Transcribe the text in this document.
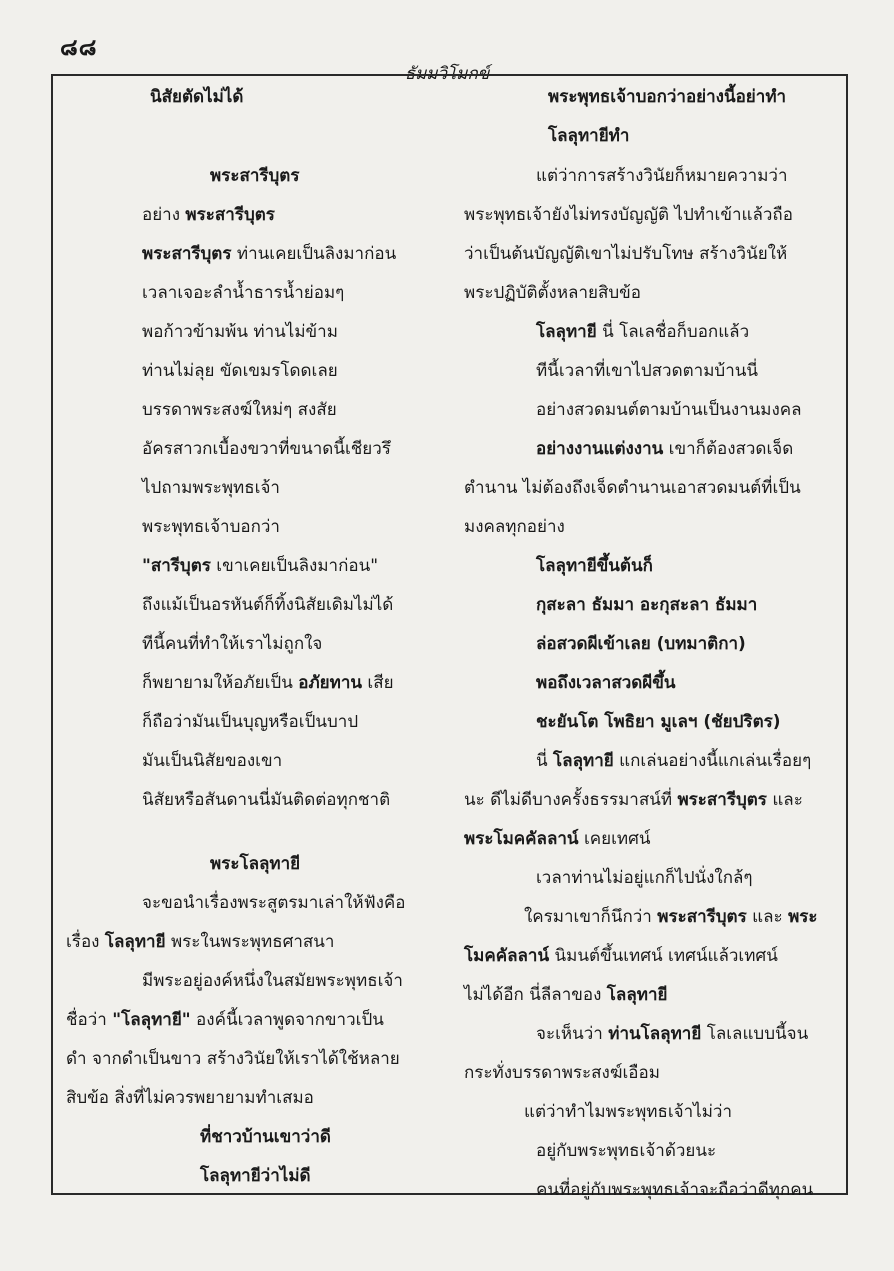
๘๘
ธัมมวิโมกข์
นิสัยตัดไม่ได้
พระสารีบุตร
อย่าง พระสารีบุตร
พระสารีบุตร ท่านเคยเป็นลิงมาก่อน
เวลาเจอะลำน้ำธารน้ำย่อมๆ
พอก้าวข้ามพ้น ท่านไม่ข้าม
ท่านไม่ลุย ขัดเขมรโดดเลย
บรรดาพระสงฆ์ใหม่ๆ สงสัย
อัครสาวกเบื้องขวาที่ขนาดนี้เชียวรึ
ไปถามพระพุทธเจ้า
พระพุทธเจ้าบอกว่า
"สารีบุตร เขาเคยเป็นลิงมาก่อน"
ถึงแม้เป็นอรหันต์ก็ทิ้งนิสัยเดิมไม่ได้
ทีนี้คนที่ทำให้เราไม่ถูกใจ
ก็พยายามให้อภัยเป็น อภัยทาน เสีย
ก็ถือว่ามันเป็นบุญหรือเป็นบาป
มันเป็นนิสัยของเขา
นิสัยหรือสันดานนี่มันติดต่อทุกชาติ
พระโลลุทายี
จะขอนำเรื่องพระสูตรมาเล่าให้ฟังคือ
เรื่อง โลลุทายี พระในพระพุทธศาสนา
มีพระอยู่องค์หนึ่งในสมัยพระพุทธเจ้า
ชื่อว่า "โลลุทายี" องค์นี้เวลาพูดจากขาวเป็น
ดำ จากดำเป็นขาว สร้างวินัยให้เราได้ใช้หลาย
สิบข้อ สิ่งที่ไม่ควรพยายามทำเสมอ
ที่ชาวบ้านเขาว่าดี
โลลุทายีว่าไม่ดี
พระพุทธเจ้าบอกว่าอย่างนี้อย่าทำ
โลลุทายีทำ
แต่ว่าการสร้างวินัยก็หมายความว่า
พระพุทธเจ้ายังไม่ทรงบัญญัติ ไปทำเข้าแล้วถือ
ว่าเป็นต้นบัญญัติเขาไม่ปรับโทษ สร้างวินัยให้
พระปฏิบัติตั้งหลายสิบข้อ
โลลุทายี นี่ โลเลชื่อก็บอกแล้ว
ทีนี้เวลาที่เขาไปสวดตามบ้านนี่
อย่างสวดมนต์ตามบ้านเป็นงานมงคล
อย่างงานแต่งงาน เขาก็ต้องสวดเจ็ด
ตำนาน ไม่ต้องถึงเจ็ดตำนานเอาสวดมนต์ที่เป็น
มงคลทุกอย่าง
โลลุทายีขึ้นต้นก็
กุสะลา ธัมมา อะกุสะลา ธัมมา
ล่อสวดผีเข้าเลย (บทมาติกา)
พอถึงเวลาสวดผีขึ้น
ชะยันโต โพธิยา มูเลฯ (ชัยปริตร)
นี่ โลลุทายี แกเล่นอย่างนี้แกเล่นเรื่อยๆ
นะ ดีไม่ดีบางครั้งธรรมาสน์ที่ พระสารีบุตร และ
พระโมคคัลลาน์ เคยเทศน์
เวลาท่านไม่อยู่แกก็ไปนั่งใกล้ๆ
ใครมาเขาก็นึกว่า พระสารีบุตร และ พระ
โมคคัลลาน์ นิมนต์ขึ้นเทศน์ เทศน์แล้วเทศน์
ไม่ได้อีก นี่ลีลาของ โลลุทายี
จะเห็นว่า ท่านโลลุทายี โลเลแบบนี้จน
กระทั่งบรรดาพระสงฆ์เอือม
แต่ว่าทำไมพระพุทธเจ้าไม่ว่า
อยู่กับพระพุทธเจ้าด้วยนะ
คนที่อยู่กับพระพุทธเจ้าจะถือว่าดีทุกคน
